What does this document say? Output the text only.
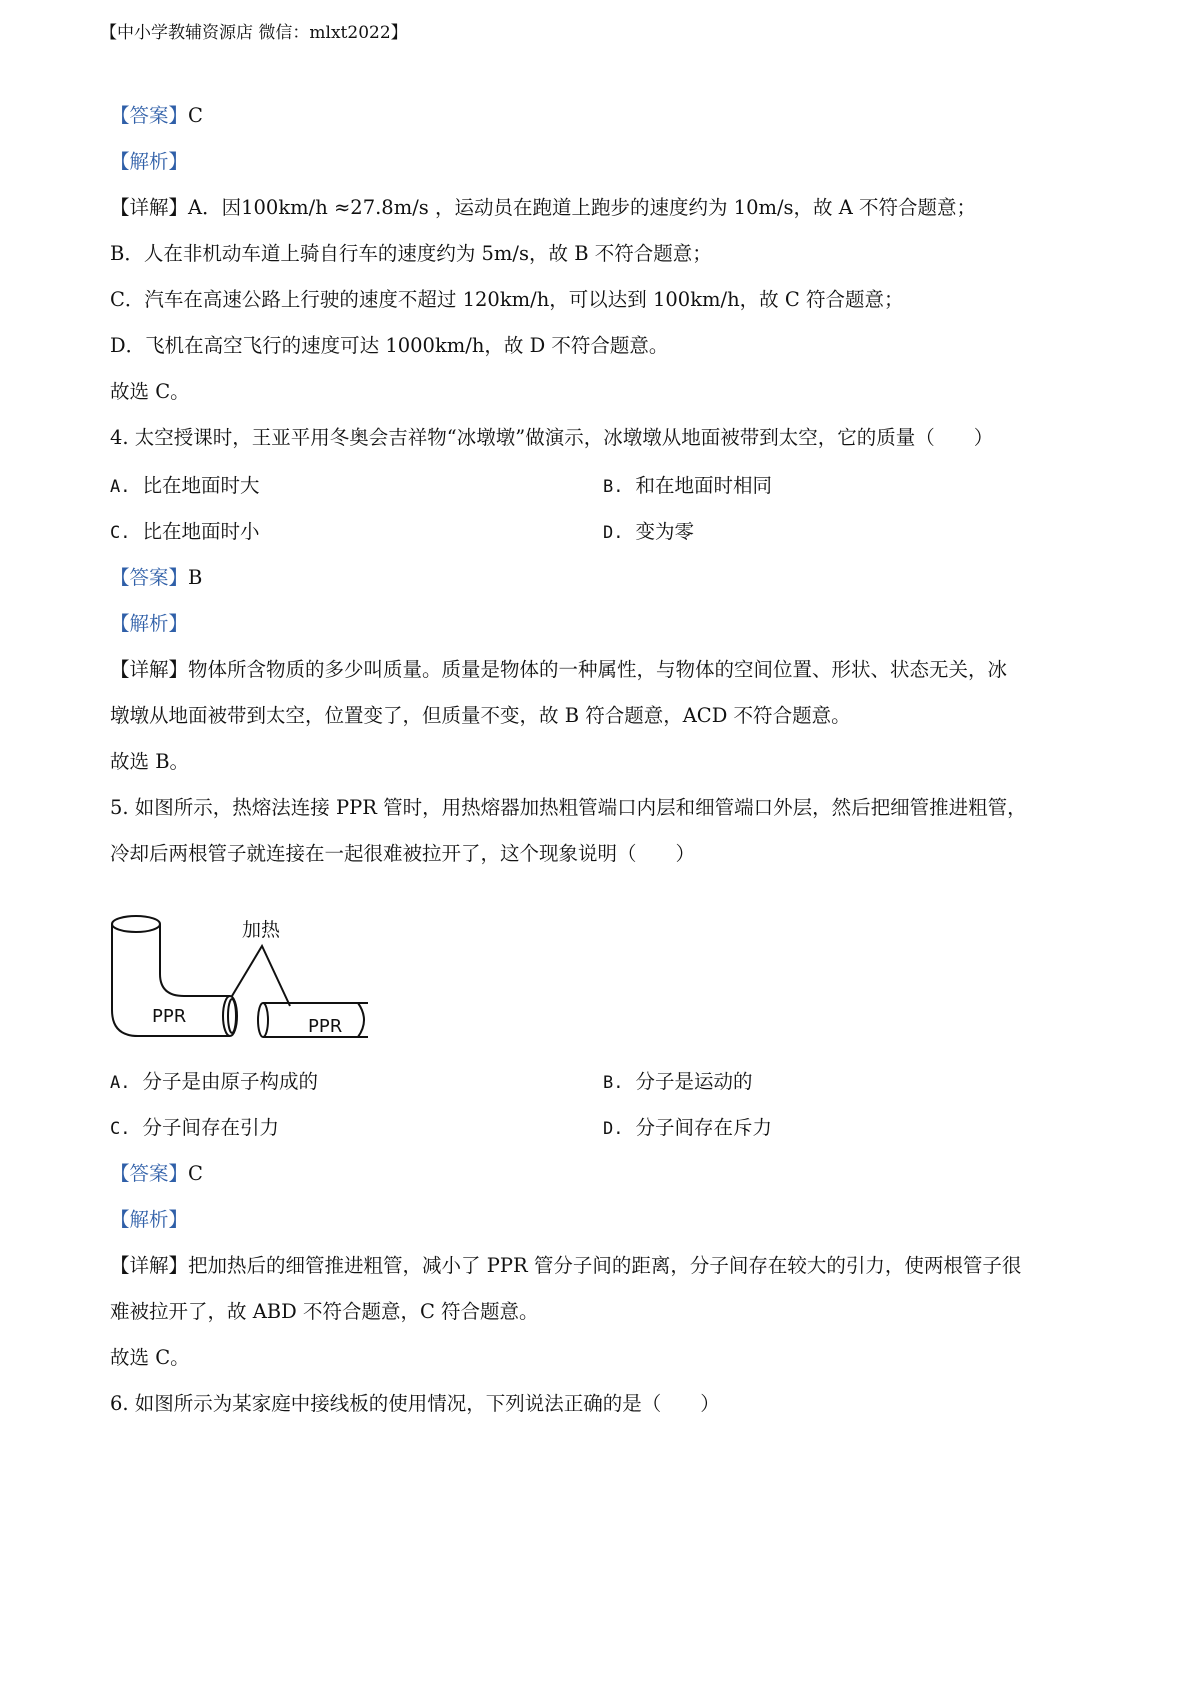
【中小学教辅资源店 微信：mlxt2022】
【答案】C
【解析】
【详解】A．因100km/h ≈27.8m/s ，运动员在跑道上跑步的速度约为 10m/s，故 A 不符合题意；
B．人在非机动车道上骑自行车的速度约为 5m/s，故 B 不符合题意；
C．汽车在高速公路上行驶的速度不超过 120km/h，可以达到 100km/h，故 C 符合题意；
D．飞机在高空飞行的速度可达 1000km/h，故 D 不符合题意。
故选 C。
4. 太空授课时，王亚平用冬奥会吉祥物“冰墩墩”做演示，冰墩墩从地面被带到太空，它的质量（　　）
A. 比在地面时大	B. 和在地面时相同
C. 比在地面时小	D. 变为零
【答案】B
【解析】
【详解】物体所含物质的多少叫质量。质量是物体的一种属性，与物体的空间位置、形状、状态无关，冰
墩墩从地面被带到太空，位置变了，但质量不变，故 B 符合题意，ACD 不符合题意。
故选 B。
5. 如图所示，热熔法连接 PPR 管时，用热熔器加热粗管端口内层和细管端口外层，然后把细管推进粗管，
冷却后两根管子就连接在一起很难被拉开了，这个现象说明（　　）
加热
PPR	PPR
A. 分子是由原子构成的	B. 分子是运动的
C. 分子间存在引力	D. 分子间存在斥力
【答案】C
【解析】
【详解】把加热后的细管推进粗管，减小了 PPR 管分子间的距离，分子间存在较大的引力，使两根管子很
难被拉开了，故 ABD 不符合题意，C 符合题意。
故选 C。
6. 如图所示为某家庭中接线板的使用情况，下列说法正确的是（　　）
